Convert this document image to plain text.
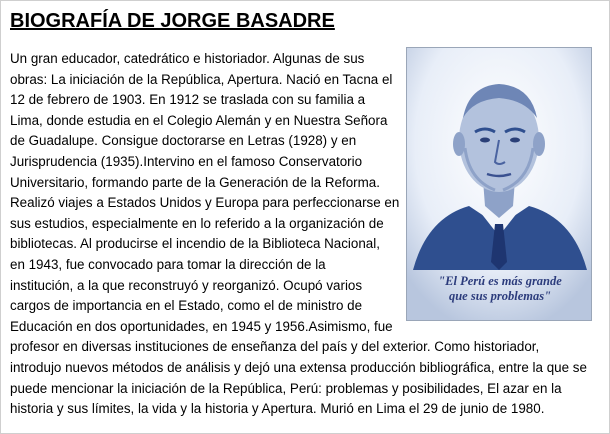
BIOGRAFÍA DE JORGE BASADRE
"El Perú es más grande
que sus problemas"

Un gran educador, catedrático e historiador. Algunas de sus
obras: La iniciación de la República, Apertura. Nació en Tacna el
12 de febrero de 1903. En 1912 se traslada con su familia a
Lima, donde estudia en el Colegio Alemán y en Nuestra Señora
de Guadalupe. Consigue doctorarse en Letras (1928) y en
Jurisprudencia (1935).Intervino en el famoso Conservatorio
Universitario, formando parte de la Generación de la Reforma.
Realizó viajes a Estados Unidos y Europa para perfeccionarse en
sus estudios, especialmente en lo referido a la organización de
bibliotecas. Al producirse el incendio de la Biblioteca Nacional,
en 1943, fue convocado para tomar la dirección de la
institución, a la que reconstruyó y reorganizó. Ocupó varios
cargos de importancia en el Estado, como el de ministro de
Educación en dos oportunidades, en 1945 y 1956.Asimismo, fue
profesor en diversas instituciones de enseñanza del país y del exterior. Como historiador,
introdujo nuevos métodos de análisis y dejó una extensa producción bibliográfica, entre la que se
puede mencionar la iniciación de la República, Perú: problemas y posibilidades, El azar en la
historia y sus límites, la vida y la historia y Apertura. Murió en Lima el 29 de junio de 1980.
